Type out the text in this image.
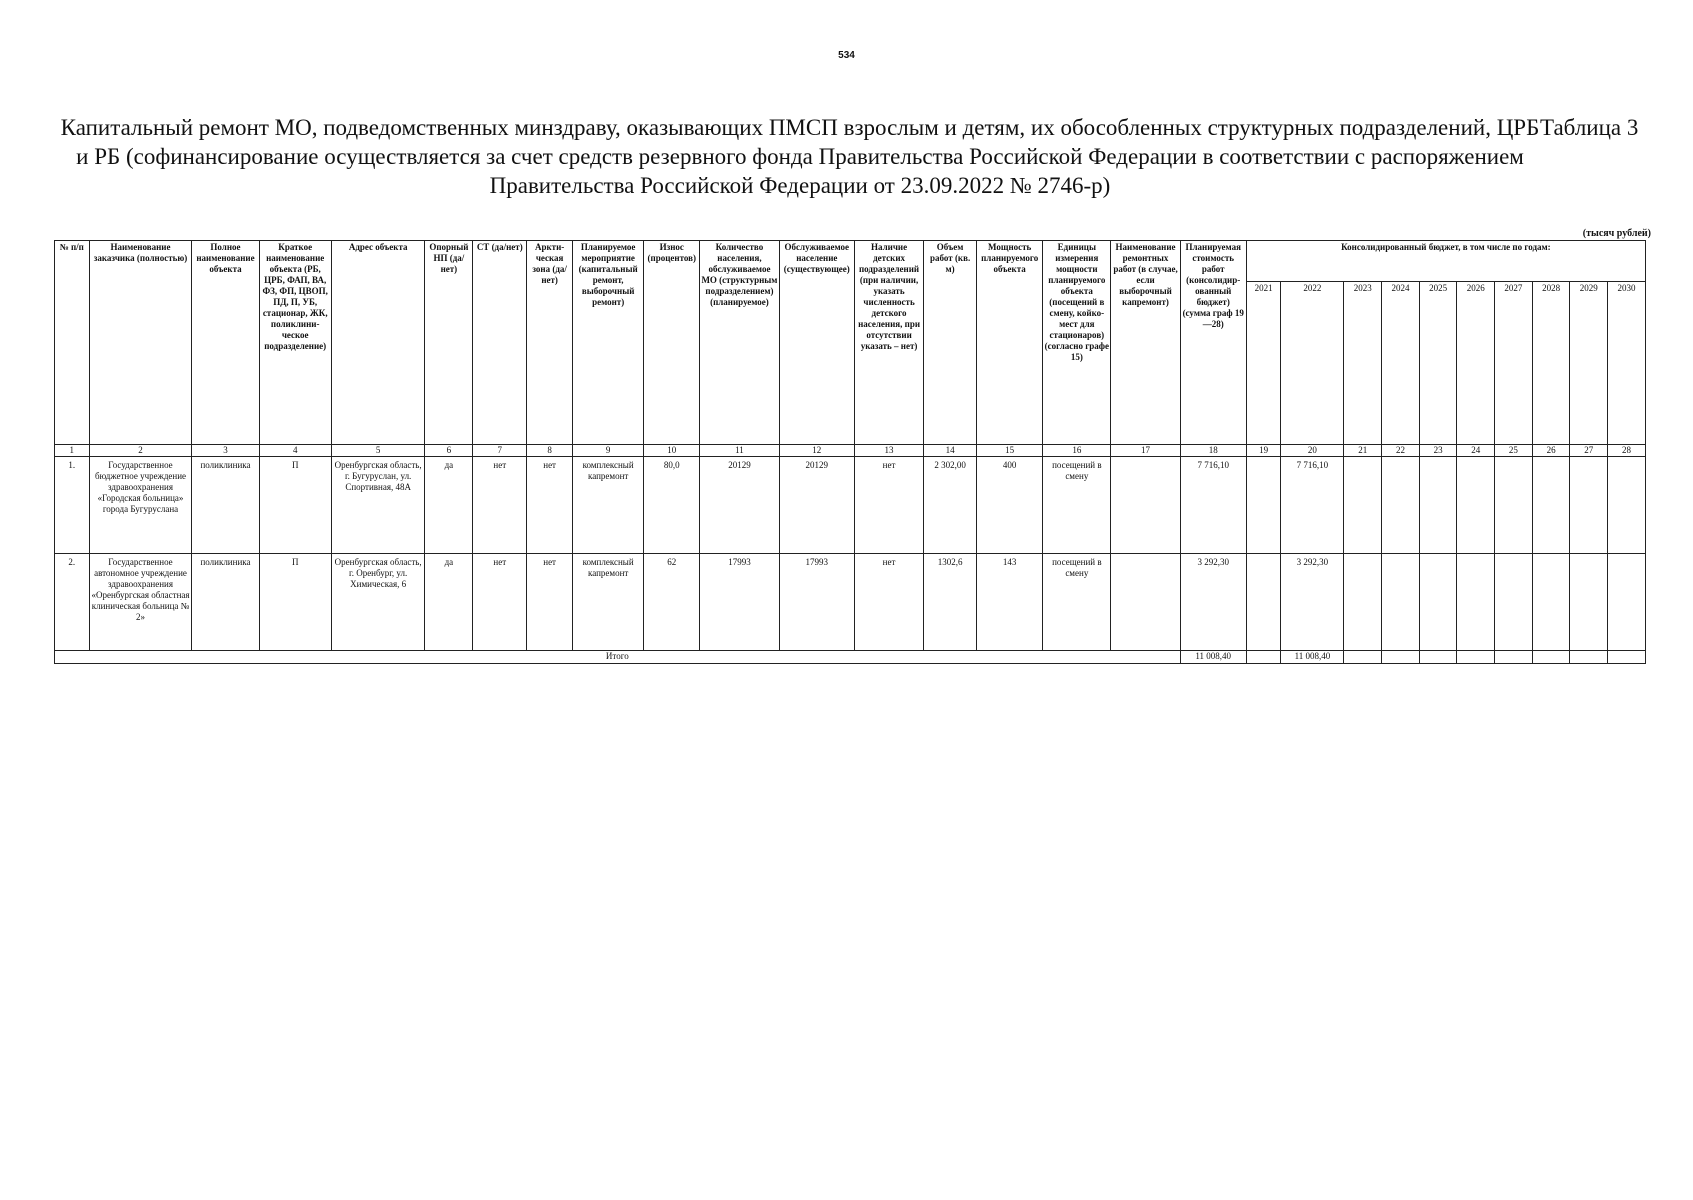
534
Капитальный ремонт МО, подведомственных минздраву, оказывающих ПМСП взрослым и детям, их обособленных структурных подразделений, ЦРБ и РБ (софинансирование осуществляется за счет средств резервного фонда Правительства Российской Федерации в соответствии с распоряжением Правительства Российской Федерации от 23.09.2022 № 2746-р)
Таблица 3
(тысяч рублей)
№ п/п	Наименование заказчика (полностью)	Полное наименование объекта	Краткое наименование объекта (РБ, ЦРБ, ФАП, ВА, ФЗ, ФП, ЦВОП, ПД, П, УБ, стационар, ЖК, поликлини-ческое подразделение)	Адрес объекта	Опорный НП (да/нет)	СТ (да/нет)	Аркти-ческая зона (да/нет)	Планируемое мероприятие (капитальный ремонт, выборочный ремонт)	Износ (процентов)	Количество населения, обслуживаемое МО (структурным подразделением) (планируемое)	Обслуживаемое население (существующее)	Наличие детских подразделений (при наличии, указать численность детского населения, при отсутствии указать – нет)	Объем работ (кв. м)	Мощность планируемого объекта	Единицы измерения мощности планируемого объекта (посещений в смену, койко-мест для стационаров) (согласно графе 15)	Наименование ремонтных работ (в случае, если выборочный капремонт)	Планируемая стоимость работ (консолидир-ованный бюджет) (сумма граф 19—28)	Консолидированный бюджет, в том числе по годам:									
																		2021	2022	2023	2024	2025	2026	2027	2028	2029	2030
1	2	3	4	5	6	7	8	9	10	11	12	13	14	15	16	17	18	19	20	21	22	23	24	25	26	27	28
1.	Государственное бюджетное учреждение здравоохранения «Городская больница» города Бугуруслана	поликлиника	П	Оренбургская область, г. Бугуруслан, ул. Спортивная, 48А	да	нет	нет	комплексный капремонт	80,0	20129	20129	нет	2 302,00	400	посещений в смену		7 716,10		7 716,10								
2.	Государственное автономное учреждение здравоохранения «Оренбургская областная клиническая больница № 2»	поликлиника	П	Оренбургская область, г. Оренбург, ул. Химическая, 6	да	нет	нет	комплексный капремонт	62	17993	17993	нет	1302,6	143	посещений в смену		3 292,30		3 292,30								
Итого																	11 008,40		11 008,40								
